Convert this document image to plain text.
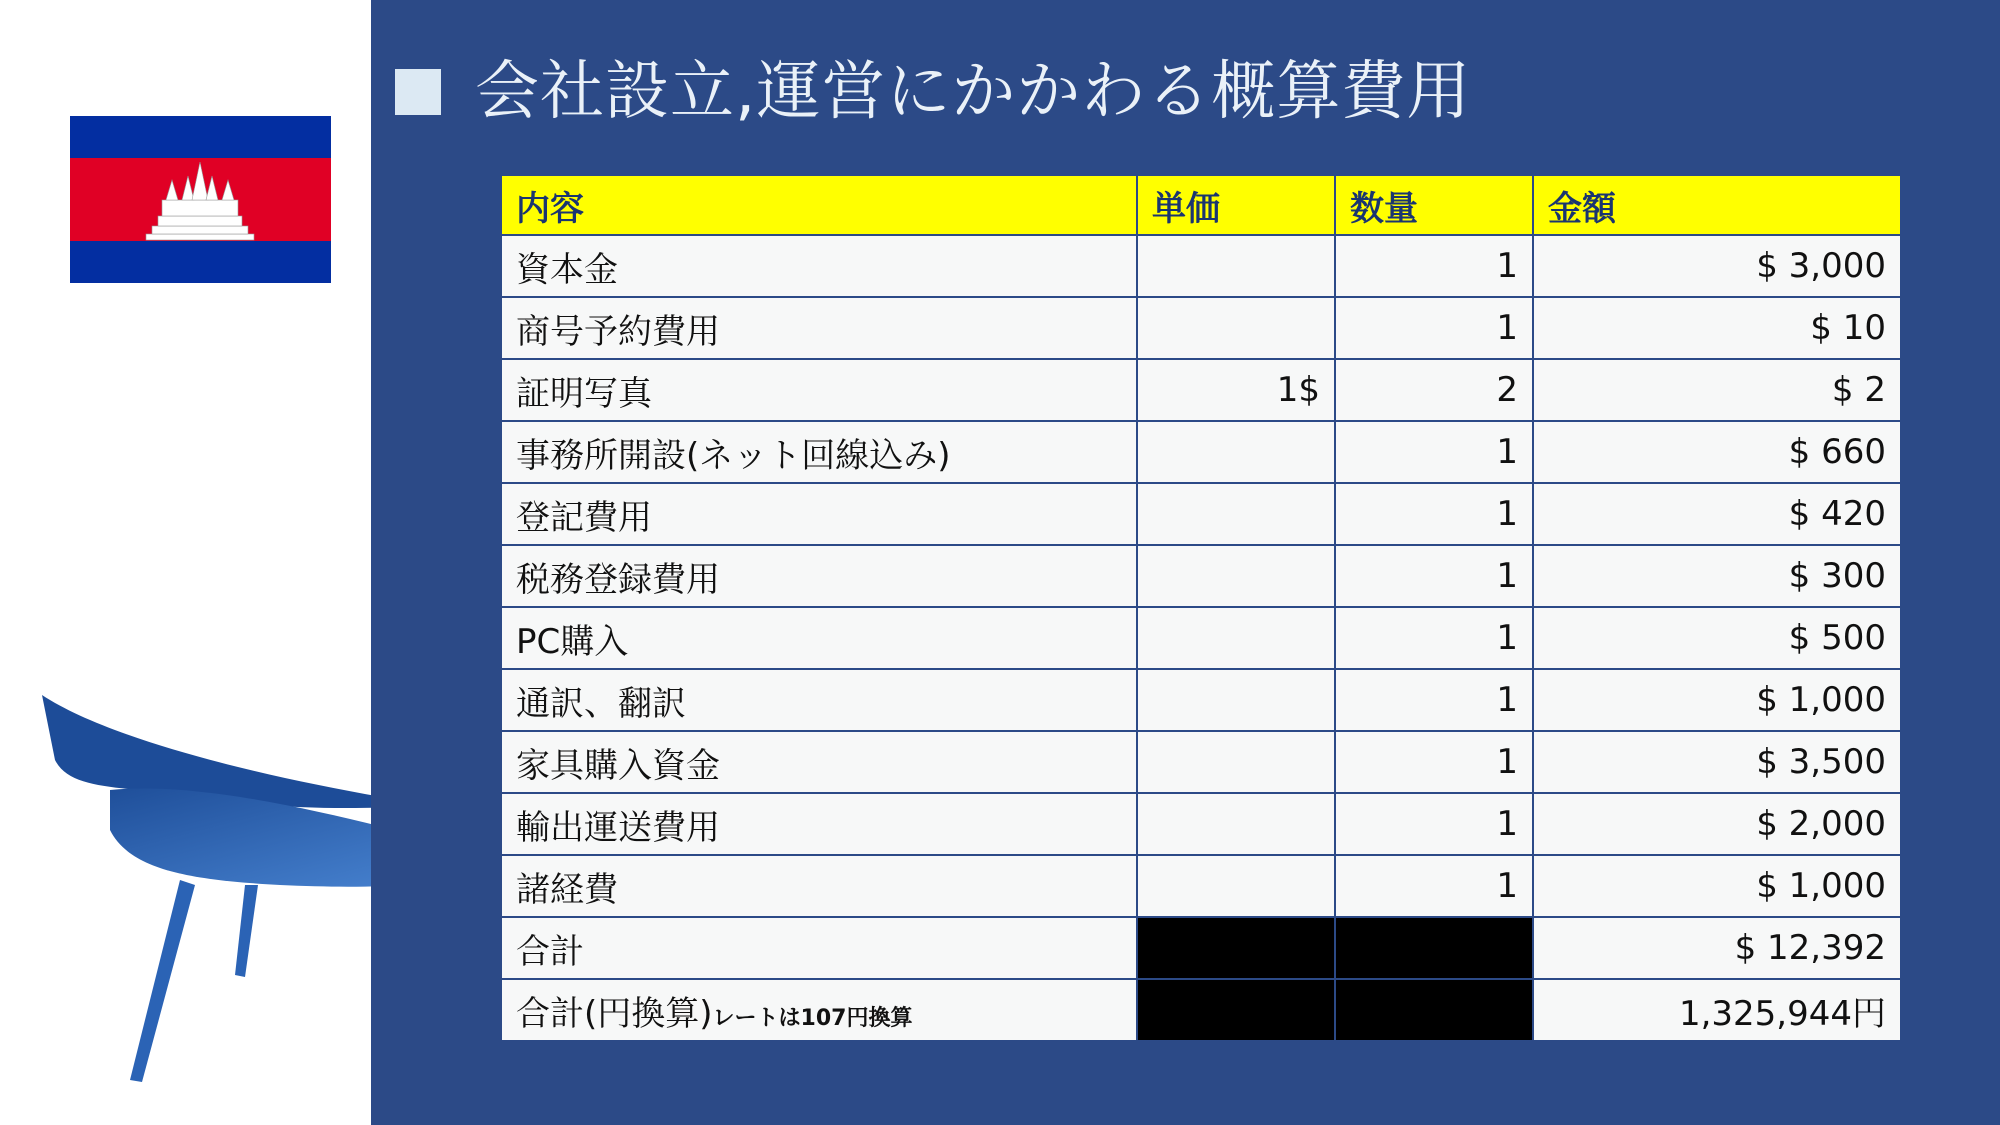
会社設立,運営にかかわる概算費用
内容	単価	数量	金額
資本金		1	$ 3,000
商号予約費用		1	$ 10
証明写真	1$	2	$ 2
事務所開設(ネット回線込み)		1	$ 660
登記費用		1	$ 420
税務登録費用		1	$ 300
PC購入		1	$ 500
通訳、翻訳		1	$ 1,000
家具購入資金		1	$ 3,500
輸出運送費用		1	$ 2,000
諸経費		1	$ 1,000
合計			$ 12,392
合計(円換算)レートは107円換算			1,325,944円
